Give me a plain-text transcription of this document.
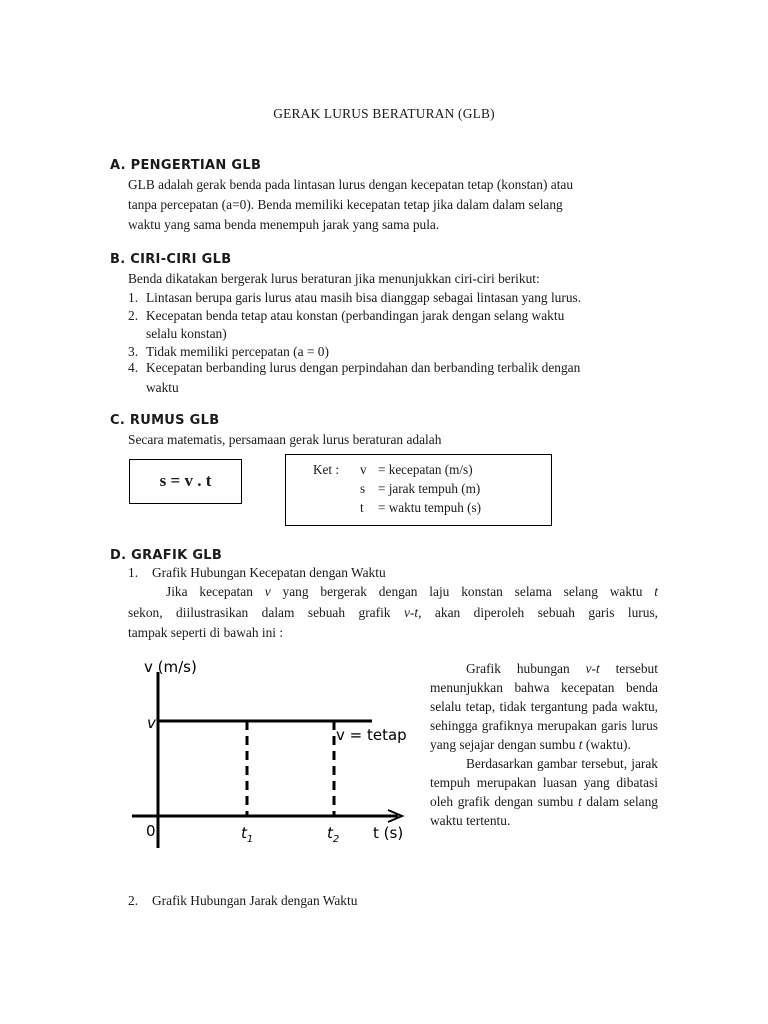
GERAK LURUS BERATURAN (GLB)
A. PENGERTIAN GLB
GLB adalah gerak benda pada lintasan lurus dengan kecepatan tetap (konstan) atau
tanpa percepatan (a=0). Benda memiliki kecepatan tetap jika dalam dalam selang
waktu yang sama benda menempuh jarak yang sama pula.
B. CIRI-CIRI GLB
Benda dikatakan bergerak lurus beraturan jika menunjukkan ciri-ciri berikut:
1. Lintasan berupa garis lurus atau masih bisa dianggap sebagai lintasan yang lurus.
2. Kecepatan benda tetap atau konstan (perbandingan jarak dengan selang waktu
selalu konstan)
3. Tidak memiliki percepatan (a = 0)
4. Kecepatan berbanding lurus dengan perpindahan dan berbanding terbalik dengan
waktu
C. RUMUS GLB
Secara matematis, persamaan gerak lurus beraturan adalah
s = v . t
Ket : v = kecepatan (m/s)
s = jarak tempuh (m)
t = waktu tempuh (s)
D. GRAFIK GLB
1.	Grafik Hubungan Kecepatan dengan Waktu
Jika kecepatan v yang bergerak dengan laju konstan selama selang waktu t
sekon, diilustrasikan dalam sebuah grafik v-t, akan diperoleh sebuah garis lurus,
tampak seperti di bawah ini :
v (m/s)
v
v = tetap
0	$t_1$	$t_2$ t (s)

Grafik hubungan v-t tersebut menunjukkan bahwa kecepatan benda selalu tetap, tidak tergantung pada waktu, sehingga grafiknya merupakan garis lurus yang sejajar dengan sumbu t (waktu).

Berdasarkan gambar tersebut, jarak tempuh merupakan luasan yang dibatasi oleh grafik dengan sumbu t dalam selang waktu tertentu.

2.	Grafik Hubungan Jarak dengan Waktu
